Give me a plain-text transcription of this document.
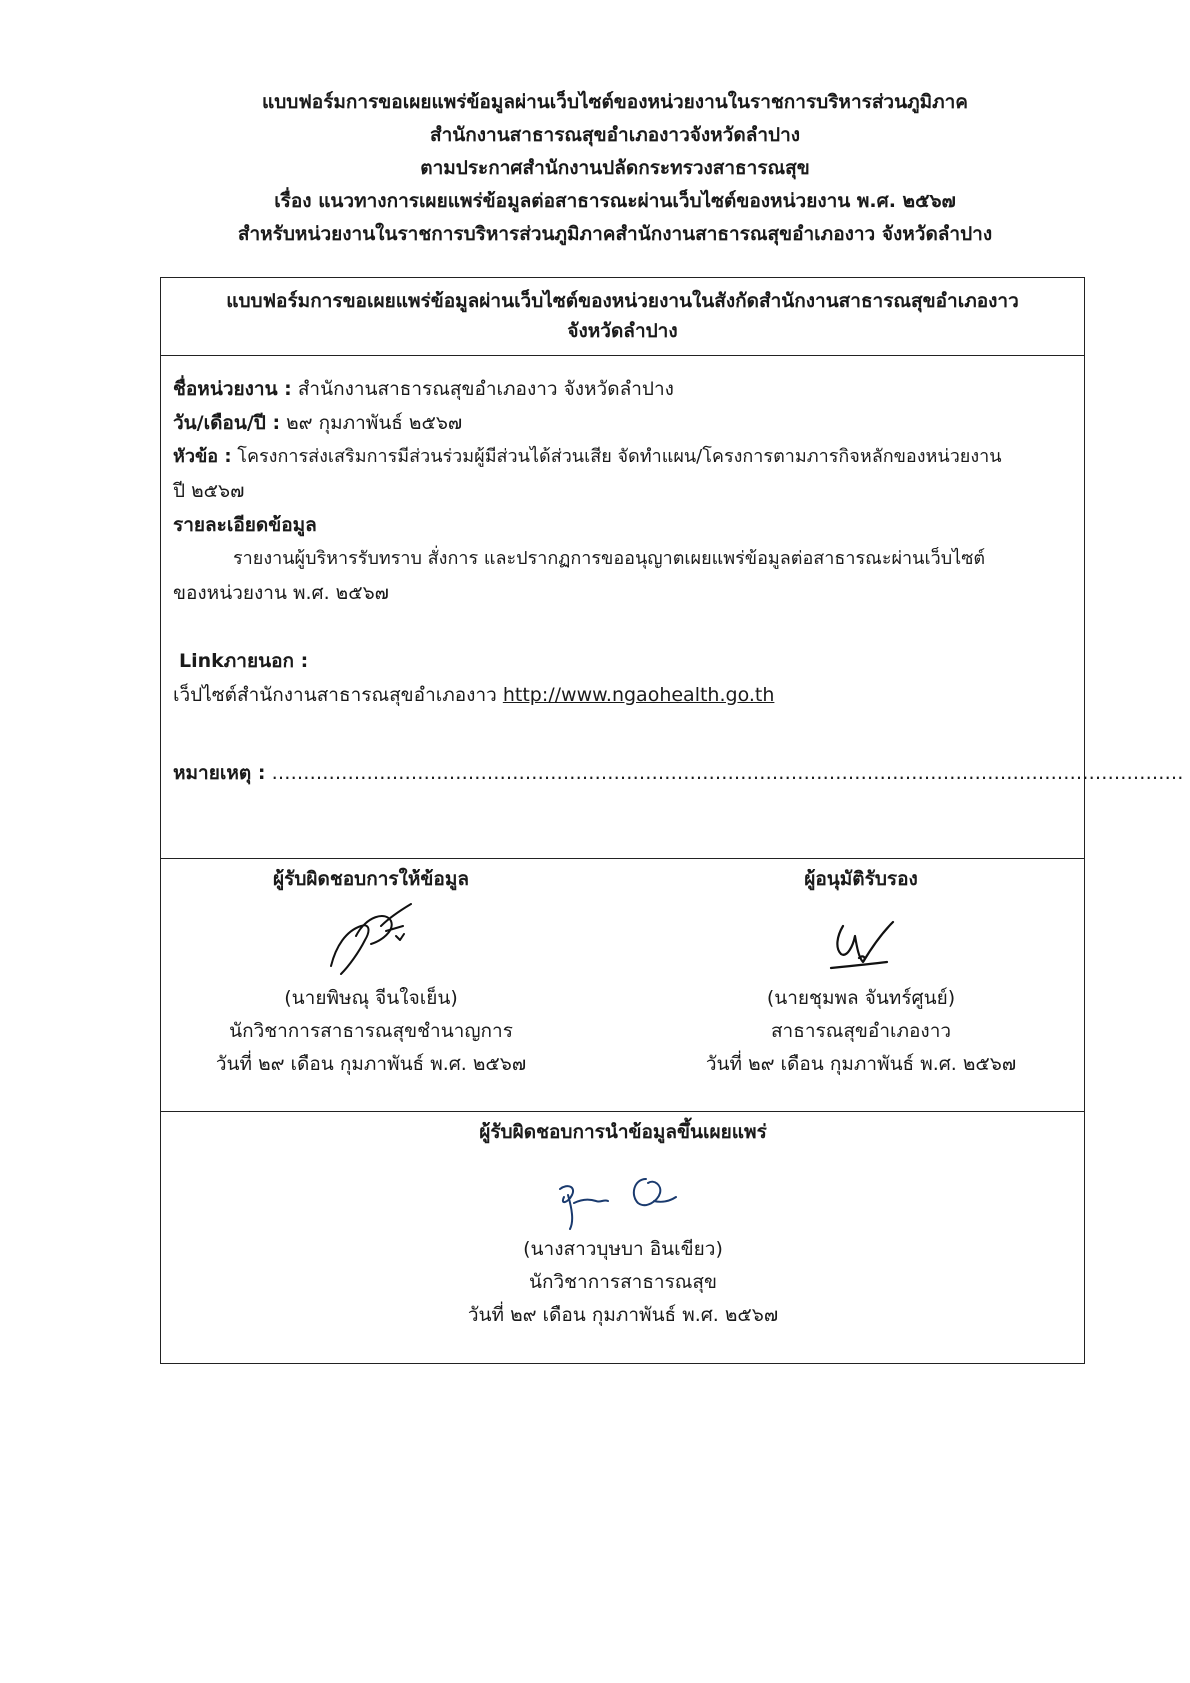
แบบฟอร์มการขอเผยแพร่ข้อมูลผ่านเว็บไซต์ของหน่วยงานในราชการบริหารส่วนภูมิภาค
สำนักงานสาธารณสุขอำเภองาวจังหวัดลำปาง
ตามประกาศสำนักงานปลัดกระทรวงสาธารณสุข
เรื่อง แนวทางการเผยแพร่ข้อมูลต่อสาธารณะผ่านเว็บไซต์ของหน่วยงาน พ.ศ. ๒๕๖๗
สำหรับหน่วยงานในราชการบริหารส่วนภูมิภาคสำนักงานสาธารณสุขอำเภองาว จังหวัดลำปาง
แบบฟอร์มการขอเผยแพร่ข้อมูลผ่านเว็บไซต์ของหน่วยงานในสังกัดสำนักงานสาธารณสุขอำเภองาว
จังหวัดลำปาง
ชื่อหน่วยงาน : สำนักงานสาธารณสุขอำเภองาว จังหวัดลำปาง
วัน/เดือน/ปี : ๒๙ กุมภาพันธ์ ๒๕๖๗
หัวข้อ : โครงการส่งเสริมการมีส่วนร่วมผู้มีส่วนได้ส่วนเสีย จัดทำแผน/โครงการตามภารกิจหลักของหน่วยงาน
ปี ๒๕๖๗
รายละเอียดข้อมูล
รายงานผู้บริหารรับทราบ สั่งการ และปรากฏการขออนุญาตเผยแพร่ข้อมูลต่อสาธารณะผ่านเว็บไซต์
ของหน่วยงาน พ.ศ. ๒๕๖๗
Linkภายนอก :
เว็ปไซต์สำนักงานสาธารณสุขอำเภองาว http://www.ngaohealth.go.th
หมายเหตุ : ………………………………………………………………………………………………………………………………
ผู้รับผิดชอบการให้ข้อมูล
(นายพิษณุ จีนใจเย็น)
นักวิชาการสาธารณสุขชำนาญการ
วันที่ ๒๙ เดือน กุมภาพันธ์ พ.ศ. ๒๕๖๗
ผู้อนุมัติรับรอง
(นายชุมพล จันทร์ศูนย์)
สาธารณสุขอำเภองาว
วันที่ ๒๙ เดือน กุมภาพันธ์ พ.ศ. ๒๕๖๗
ผู้รับผิดชอบการนำข้อมูลขึ้นเผยแพร่
(นางสาวบุษบา อินเขียว)
นักวิชาการสาธารณสุข
วันที่ ๒๙ เดือน กุมภาพันธ์ พ.ศ. ๒๕๖๗
